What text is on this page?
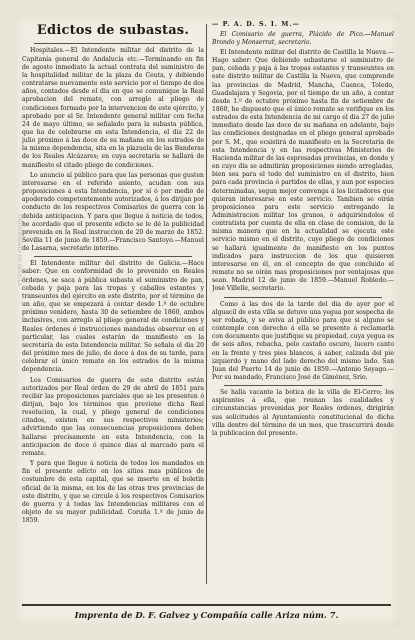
UNIVERSIDAD DE SEVILLA
Edictos de subastas.

Hospitales.—El Intendente militar del distrito de la Capitanía general de Andalucía etc.—Terminando en fin de agosto inmediato la actual contrata del suministro de la hospitalidad militar de la plaza de Ceuta, y debiendo contratarse nuevamente este servicio por el tiempo de dos años, contados desde el dia en que se comunique la Real aprobacion del remate, con arreglo al pliego de condiciones formado por la intervencion de este ejército, y aprobado por el Sr. Intendente general militar con fecha 24 de mayo último, se señalado para la subasta pública, que ha de celebrarse en esta Intendencia, el dia 22 de julio próximo á las doce de su mañana en los estrados de la misma dependencia, sita en la plazuela de las Banderas de los Reales Alcázares; en cuya secretaría se hallará de manifiesto el citado pliego de condiciones.

Lo anuncio al público para que las personas que gusten interesarse en el referido asiento, acudan con sus proposiciones á esta Intendencia, por sí ó por medio de apoderado competentemente autorizados, á los dirijan por conducto de los respectivos Comisarios de guerra con la debida anticipacion. Y para que llegue á noticia de todos, he acordado que el presente edicto se le dé la publicidad prevenida en la Real instruccion de 20 de marzo de 1852. Sevilla 11 de junio de 1859.—Francisco Santoyo.—Manuel de Lasarna, secretario interino.

El Intendente militar del distrito de Galicia.—Hace saber: Que en conformidad de lo prevenido en Reales órdenes, se saca á pública subasta el suministro de pan, cebada y paja para las tropas y caballos estantes y transeuntes del ejército en este distrito, por el término de un año, que se empezará á contar desde 1.º de octubre próximo venidero, hasta 30 de setiembre de 1860, ambos inclusives, con arreglo al pliego general de condiciones y Reales órdenes é instrucciones mandadas observar en el particular, las cuales estarán de manifiesto en la secretaría de esta Intendencia militar. Se señala el dia 20 del próximo mes de julio, de doce á dos de su tarde, para celebrar el único remate en los estrados de la misma dependencia.

Los Comisarios de guerra de este distrito están autorizados por Real órden de 29 de abril de 1851 para recibir las proposiciones parciales que se les presenten ó dirijan, bajo los términos que previene dicha Real resolucion, la cual, y pliego general de condiciones citados, existen en sus respectivos ministerios; advirtiendo que las consecuencias proposiciones deben hallarse precisamente en esta Intendencia, con la anticipacion de doce ó quince dias al marcado para el remate.

Y para que llegue á noticia de todos los mandados en fin el presente edicto en los sitios mas públicos de costumbre de esta capital, que se inserte en el boletin oficial de la misma, en los de las otras tres provincias de este distrito, y que se circule á los respectivos Comisarios de guerra y á todas las Intendencias militares con el objeto de su mayor publicidad. Coruña 1.º de junio de 1859.

— P. A. D. S. I. M.—

El Comisario de guerra, Plácido de Pico.—Manuel Brondo y Monserrat, secretario.

El Intendente militar del distrito de Castilla la Nueva.—Hago saber: Que debiendo subastarse el suministro de pan, cebada y paja á las tropas estantes y transeuntes en este distrito militar de Castilla la Nueva, que comprende las provincias de Madrid, Mancha, Cuenca, Toledo, Guadalajara y Segovia, por el tiempo de un año, á contar desde 1.º de octubre próximo hasta fin de setiembre de 1860, he dispuesto que el único remate se verifique en los estrados de esta Intendencia de mi cargo el dia 27 de julio inmediato desde las doce de su mañana en adelante, bajo las condiciones designadas en el pliego general aprobado por S. M., que ecsistirá de manifiesto en la Secretaría de esta Intendencia y en las respectivas Ministerios de Hacienda militar de las espresadas provincias, en donde y en cuyo dia se admitirán proposiciones siendo arregladas, bien sea para el todo del suministro en el distrito, bien para cada provincia ó partidos de ellas, y aun por especies determinadas, segun mejor convenga á los licitadores que quieran interesarse en este servicio. Tambien se oirán proposiciones para este servicio entregando la Administracion militar los granos, ó adquiriéndolos el contratista por cuenta de ella en clase de comision, de la misma manera que en la actualidad se ejecuta este servicio mismo en el distrito, cuyo pliego de condiciones se hallará igualmente de manifiesto en los puntos indicados para instruccion de los que quisieren interesarse en él, en el concepto de que concluido el remate no se oirán mas proposiciones por ventajosas que sean. Madrid 12 de junio de 1859.—Manuel Robledo.—José Villelle, secretario.

Como á las dos de la tarde del dia de ayer por el alguacil de esta villa se detuvo una yegua por sospecha de ser robada, y se aviva al público para que si alguno se contemple con derecho á ella se presente á reclamarla con documento que justifique su propiedad, cuya yegua es de seis años, rebacha, pelo castaño oscuro, lucero canto en la frente y tres pies blancos, á saber, calzada del pie izquierdo y mano del lado derecho del mismo lado. San Juan del Puerto 14 de junio de 1859.—Antonio Seyago.—Por su mandado, Francisco José de Giménez, Srio.

Se halla vacante la botica de la villa de El-Cerro; los aspirantes á ella, que reunan las cualidades y circunstancias prevenidas por Reales órdenes, dirigirán sus solicitudes al Ayuntamiento constitucional de dicha villa dentro del término de un mes, que trascurrirá desde la publicacion del presente.

Imprenta de D. F. Galvez y Compañía calle Ariza núm. 7.
